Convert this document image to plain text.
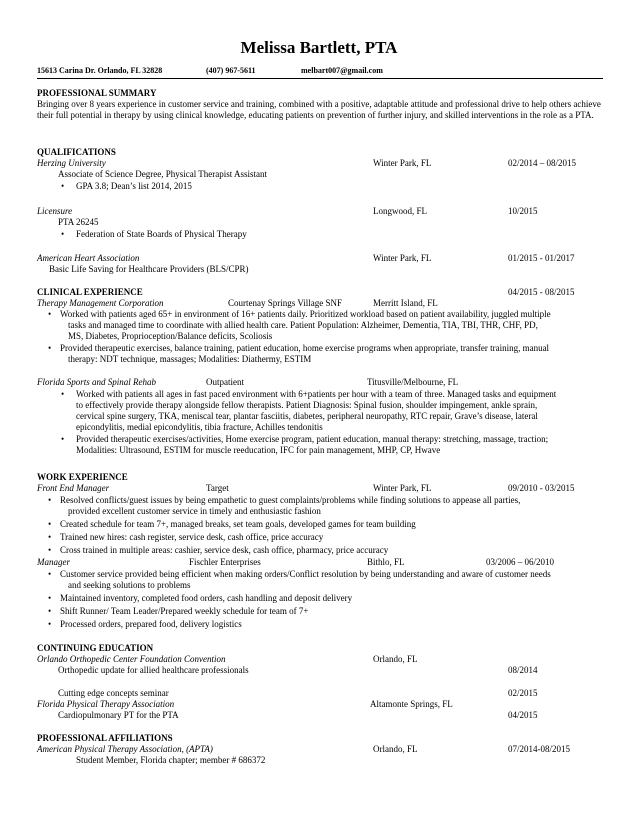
Melissa Bartlett, PTA
15613 Carina Dr. Orlando, FL 32828	(407) 967-5611	melbart007@gmail.com
PROFESSIONAL SUMMARY
Bringing over 8 years experience in customer service and training, combined with a positive, adaptable attitude and professional drive to help others achieve their full potential in therapy by using clinical knowledge, educating patients on prevention of further injury, and skilled interventions in the role as a PTA.
QUALIFICATIONS
Herzing University	Winter Park, FL	02/2014 – 08/2015
Associate of Science Degree, Physical Therapist Assistant
• GPA 3.8; Dean’s list 2014, 2015
Licensure	Longwood, FL	10/2015
PTA 26245
• Federation of State Boards of Physical Therapy
American Heart Association	Winter Park, FL	01/2015 - 01/2017
Basic Life Saving for Healthcare Providers (BLS/CPR)
CLINICAL EXPERIENCE	04/2015 - 08/2015
Therapy Management Corporation	Courtenay Springs Village SNF	Merritt Island, FL
• Worked with patients aged 65+ in environment of 16+ patients daily. Prioritized workload based on patient availability, juggled multiple
tasks and managed time to coordinate with allied health care. Patient Population: Alzheimer, Dementia, TIA, TBI, THR, CHF, PD,
MS, Diabetes, Proprioception/Balance deficits, Scoliosis
• Provided therapeutic exercises, balance training, patient education, home exercise programs when appropriate, transfer training, manual
therapy: NDT technique, massages; Modalities: Diathermy, ESTIM
Florida Sports and Spinal Rehab	Outpatient	Titusville/Melbourne, FL
• Worked with patients all ages in fast paced environment with 6+patients per hour with a team of three. Managed tasks and equipment
to effectively provide therapy alongside fellow therapists. Patient Diagnosis: Spinal fusion, shoulder impingement, ankle sprain,
cervical spine surgery, TKA, meniscal tear, plantar fasciitis, diabetes, peripheral neuropathy, RTC repair, Grave’s disease, lateral
epicondylitis, medial epicondylitis, tibia fracture, Achilles tendonitis
• Provided therapeutic exercises/activities, Home exercise program, patient education, manual therapy: stretching, massage, traction;
Modalities: Ultrasound, ESTIM for muscle reeducation, IFC for pain management, MHP, CP, Hwave
WORK EXPERIENCE
Front End Manager	Target	Winter Park, FL	09/2010 - 03/2015
• Resolved conflicts/guest issues by being empathetic to guest complaints/problems while finding solutions to appease all parties,
provided excellent customer service in timely and enthusiastic fashion
• Created schedule for team 7+, managed breaks, set team goals, developed games for team building
• Trained new hires: cash register, service desk, cash office, price accuracy
• Cross trained in multiple areas: cashier, service desk, cash office, pharmacy, price accuracy
Manager	Fischler Enterprises	Bithlo, FL	03/2006 – 06/2010
• Customer service provided being efficient when making orders/Conflict resolution by being understanding and aware of customer needs
and seeking solutions to problems
• Maintained inventory, completed food orders, cash handling and deposit delivery
• Shift Runner/ Team Leader/Prepared weekly schedule for team of 7+
• Processed orders, prepared food, delivery logistics
CONTINUING EDUCATION
Orlando Orthopedic Center Foundation Convention	Orlando, FL
Orthopedic update for allied healthcare professionals	08/2014
Cutting edge concepts seminar	02/2015
Florida Physical Therapy Association	Altamonte Springs, FL
Cardiopulmonary PT for the PTA	04/2015
PROFESSIONAL AFFILIATIONS
American Physical Therapy Association, (APTA)	Orlando, FL	07/2014-08/2015
Student Member, Florida chapter; member # 686372
